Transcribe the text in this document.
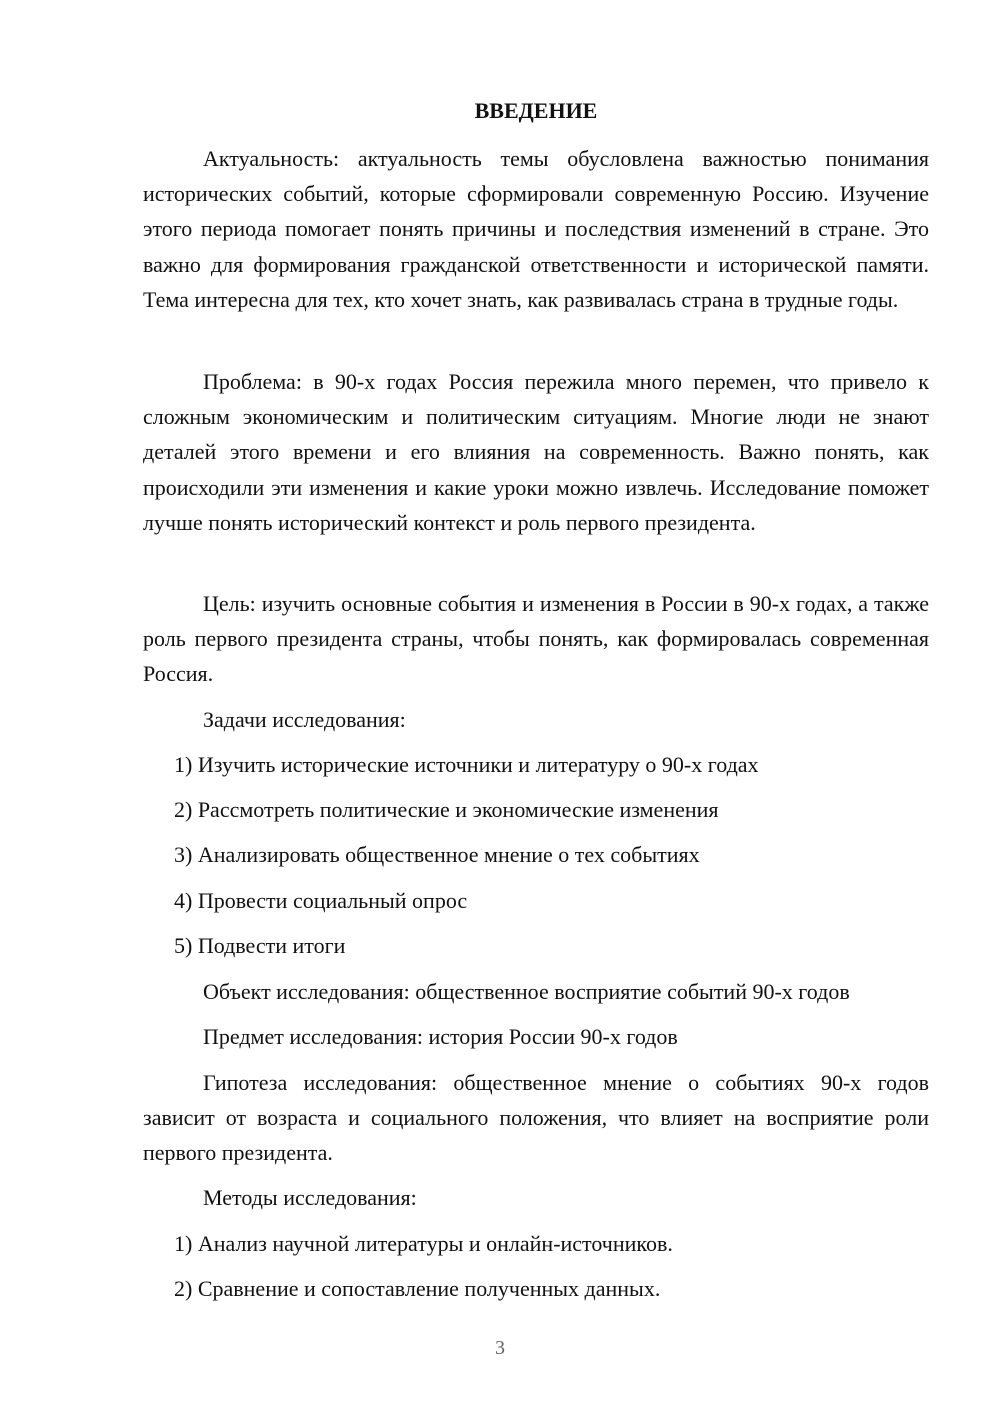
ВВЕДЕНИЕ

Актуальность: актуальность темы обусловлена важностью понимания исторических событий, которые сформировали современную Россию. Изучение этого периода помогает понять причины и последствия изменений в стране. Это важно для формирования гражданской ответственности и исторической памяти. Тема интересна для тех, кто хочет знать, как развивалась страна в трудные годы.

Проблема: в 90-х годах Россия пережила много перемен, что привело к сложным экономическим и политическим ситуациям. Многие люди не знают деталей этого времени и его влияния на современность. Важно понять, как происходили эти изменения и какие уроки можно извлечь. Исследование поможет лучше понять исторический контекст и роль первого президента.

Цель: изучить основные события и изменения в России в 90-х годах, а также роль первого президента страны, чтобы понять, как формировалась современная Россия.

Задачи исследования:

1) Изучить исторические источники и литературу о 90-х годах

2) Рассмотреть политические и экономические изменения

3) Анализировать общественное мнение о тех событиях

4) Провести социальный опрос

5) Подвести итоги

Объект исследования: общественное восприятие событий 90-х годов

Предмет исследования: история России 90-х годов

Гипотеза исследования: общественное мнение о событиях 90-х годов зависит от возраста и социального положения, что влияет на восприятие роли первого президента.

Методы исследования:

1) Анализ научной литературы и онлайн-источников.

2) Сравнение и сопоставление полученных данных.

3
